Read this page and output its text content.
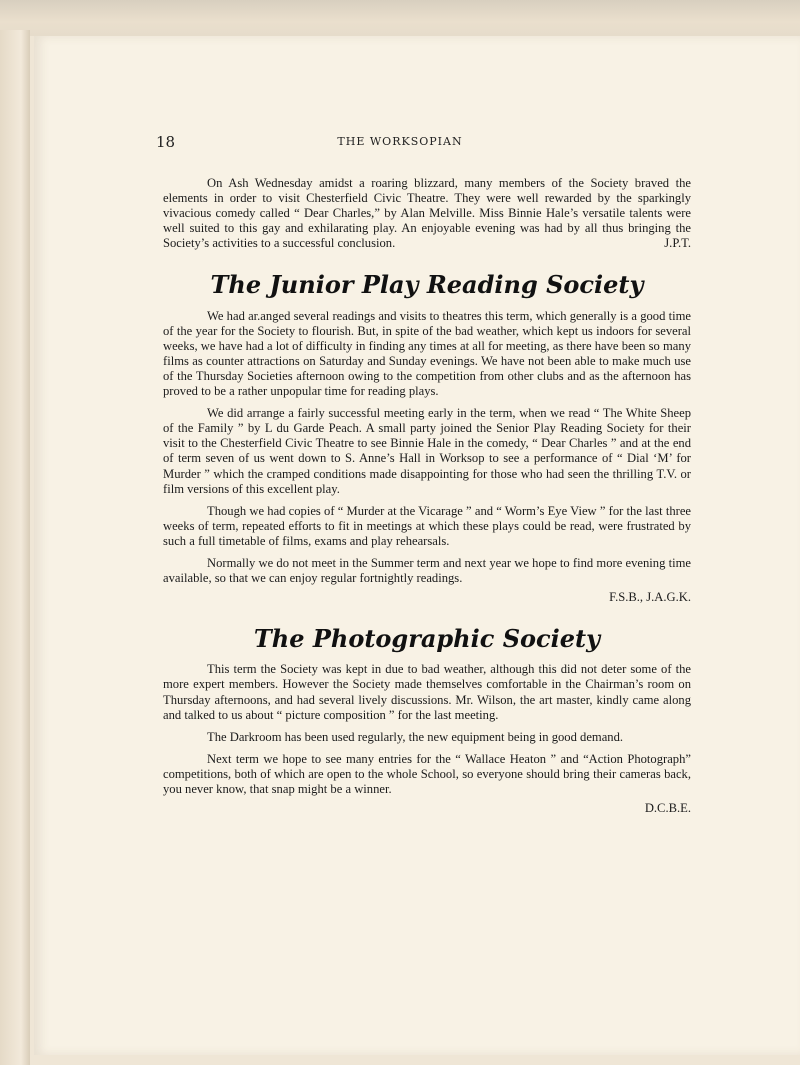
18	THE WORKSOPIAN

On Ash Wednesday amidst a roaring blizzard, many members of the Society braved the elements in order to visit Chesterfield Civic Theatre. They were well rewarded by the sparkingly vivacious comedy called “ Dear Charles,” by Alan Melville. Miss Binnie Hale’s versatile talents were well suited to this gay and exhilarating play. An enjoyable evening was had by all thus bringing the Society’s activities to a successful conclusion.	J.P.T.

The Junior Play Reading Society

We had ar.anged several readings and visits to theatres this term, which generally is a good time of the year for the Society to flourish. But, in spite of the bad weather, which kept us indoors for several weeks, we have had a lot of difficulty in finding any times at all for meeting, as there have been so many films as counter attractions on Saturday and Sunday evenings. We have not been able to make much use of the Thursday Societies afternoon owing to the competition from other clubs and as the afternoon has proved to be a rather unpopular time for reading plays.

We did arrange a fairly successful meeting early in the term, when we read “ The White Sheep of the Family ” by L du Garde Peach. A small party joined the Senior Play Reading Society for their visit to the Chesterfield Civic Theatre to see Binnie Hale in the comedy, “ Dear Charles ” and at the end of term seven of us went down to S. Anne’s Hall in Worksop to see a performance of “ Dial ‘M’ for Murder ” which the cramped conditions made disappointing for those who had seen the thrilling T.V. or film versions of this excellent play.

Though we had copies of “ Murder at the Vicarage ” and “ Worm’s Eye View ” for the last three weeks of term, repeated efforts to fit in meetings at which these plays could be read, were frustrated by such a full timetable of films, exams and play rehearsals.

Normally we do not meet in the Summer term and next year we hope to find more evening time available, so that we can enjoy regular fortnightly readings.

F.S.B., J.A.G.K.
The Photographic Society

This term the Society was kept in due to bad weather, although this did not deter some of the more expert members. However the Society made themselves comfortable in the Chairman’s room on Thursday afternoons, and had several lively discussions. Mr. Wilson, the art master, kindly came along and talked to us about “ picture composition ” for the last meeting.

The Darkroom has been used regularly, the new equipment being in good demand.

Next term we hope to see many entries for the “ Wallace Heaton ” and “Action Photograph” competitions, both of which are open to the whole School, so everyone should bring their cameras back, you never know, that snap might be a winner.

D.C.B.E.
